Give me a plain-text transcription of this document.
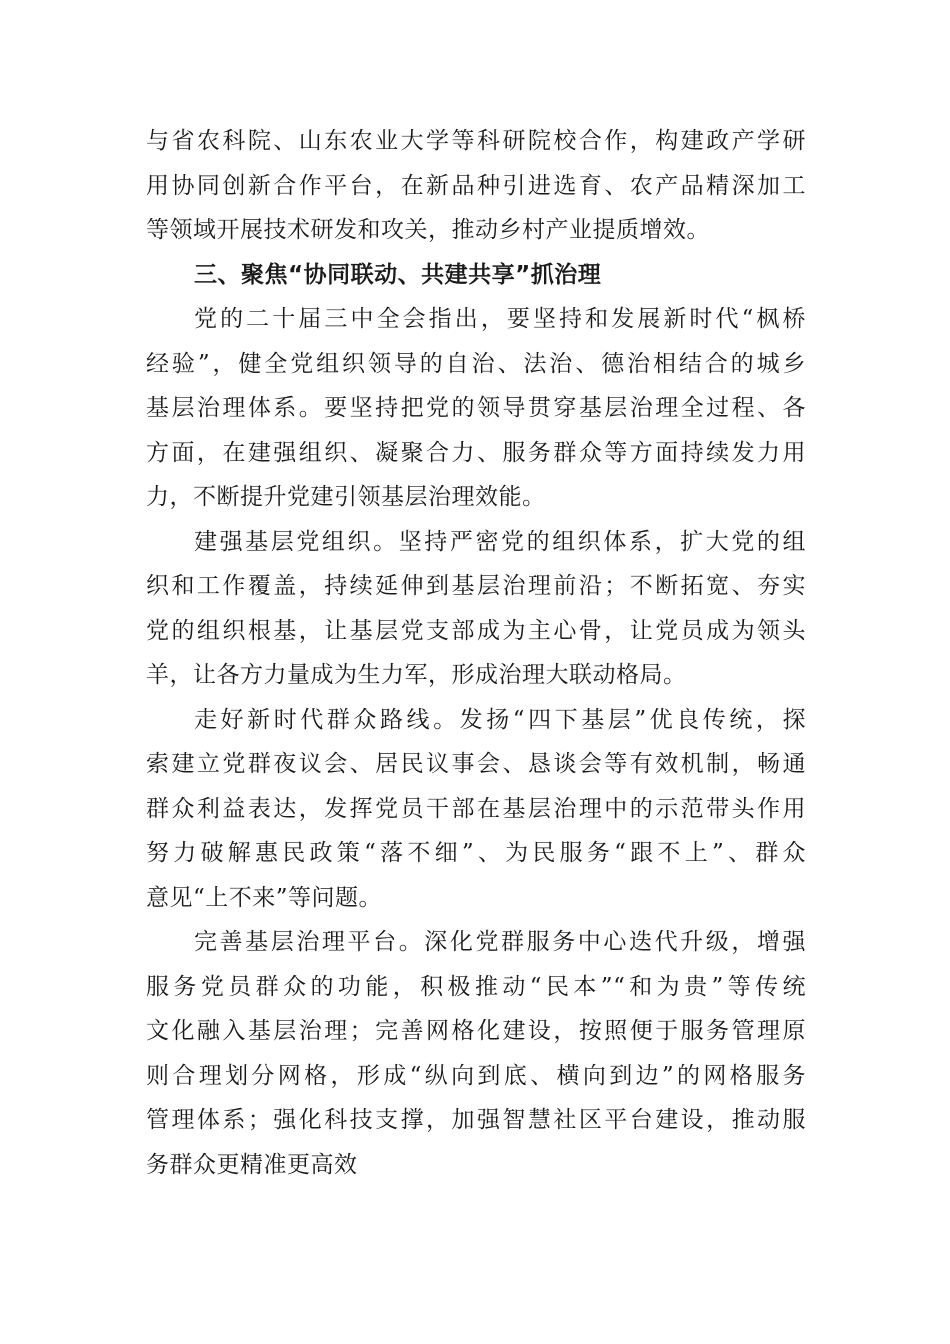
与省农科院、山东农业大学等科研院校合作，构建政产学研
用协同创新合作平台，在新品种引进选育、农产品精深加工
等领域开展技术研发和攻关，推动乡村产业提质增效。
三、聚焦“协同联动、共建共享”抓治理
党的二十届三中全会指出，要坚持和发展新时代“枫桥
经验”，健全党组织领导的自治、法治、德治相结合的城乡
基层治理体系。要坚持把党的领导贯穿基层治理全过程、各
方面，在建强组织、凝聚合力、服务群众等方面持续发力用
力，不断提升党建引领基层治理效能。
建强基层党组织。坚持严密党的组织体系，扩大党的组
织和工作覆盖，持续延伸到基层治理前沿；不断拓宽、夯实
党的组织根基，让基层党支部成为主心骨，让党员成为领头
羊，让各方力量成为生力军，形成治理大联动格局。
走好新时代群众路线。发扬“四下基层”优良传统，探
索建立党群夜议会、居民议事会、恳谈会等有效机制，畅通
群众利益表达，发挥党员干部在基层治理中的示范带头作用
努力破解惠民政策“落不细”、为民服务“跟不上”、群众
意见“上不来”等问题。
完善基层治理平台。深化党群服务中心迭代升级，增强
服务党员群众的功能，积极推动“民本”“和为贵”等传统
文化融入基层治理；完善网格化建设，按照便于服务管理原
则合理划分网格，形成“纵向到底、横向到边”的网格服务
管理体系；强化科技支撑，加强智慧社区平台建设，推动服
务群众更精准更高效
